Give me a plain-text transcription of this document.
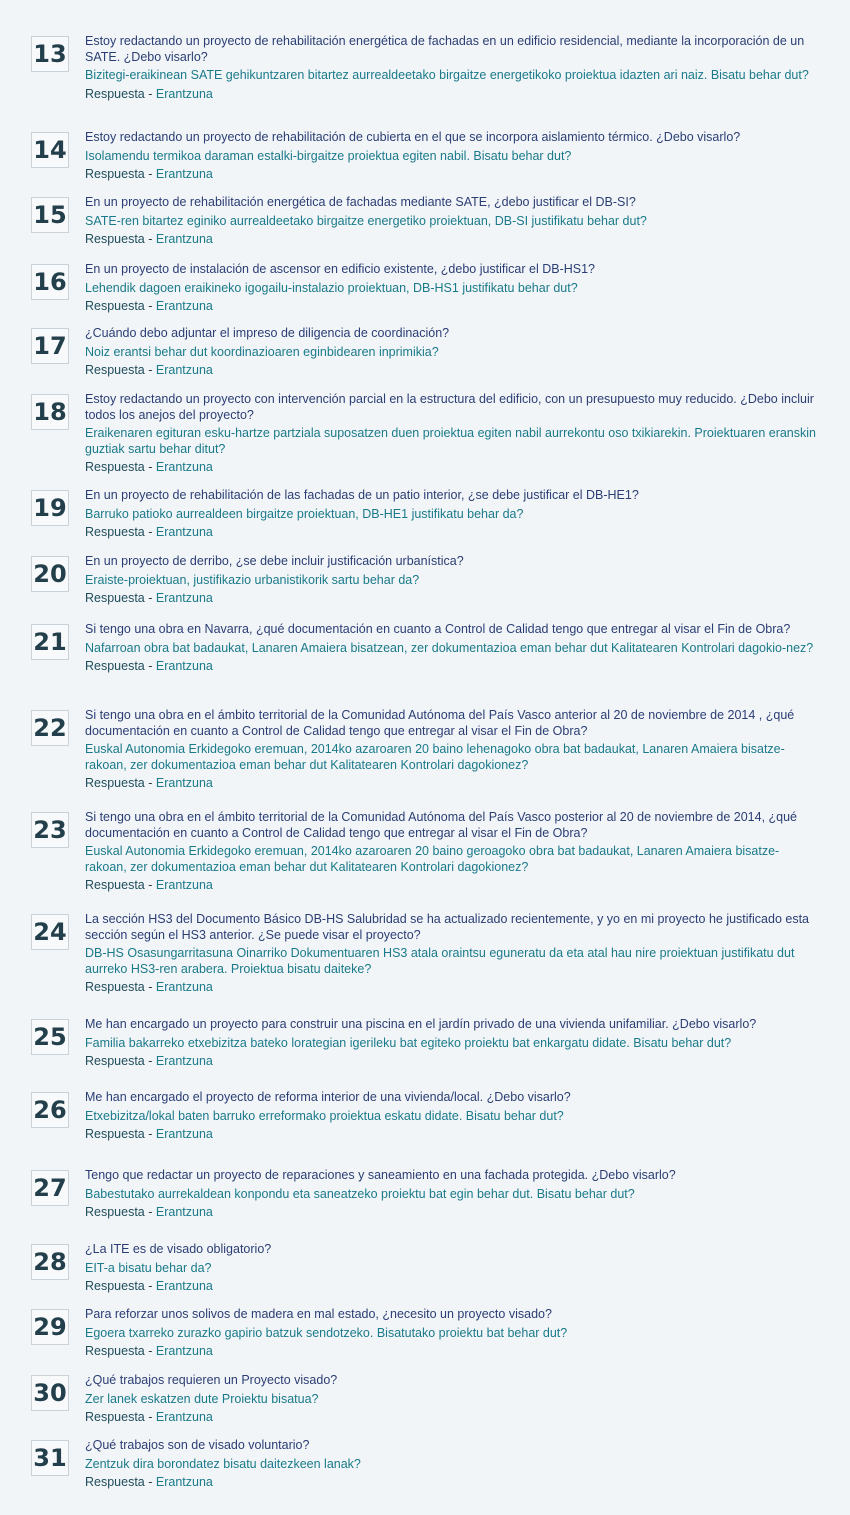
13 Estoy redactando un proyecto de rehabilitación energética de fachadas en un edificio residencial, mediante la incorporación de un SATE. ¿Debo visarlo?

Bizitegi-eraikinean SATE gehikuntzaren bitartez aurrealdeetako birgaitze energetikoko proiektua idazten ari naiz. Bisatu behar dut?

Respuesta - Erantzuna

14 Estoy redactando un proyecto de rehabilitación de cubierta en el que se incorpora aislamiento térmico. ¿Debo visarlo?

Isolamendu termikoa daraman estalki-birgaitze proiektua egiten nabil. Bisatu behar dut?

Respuesta - Erantzuna

15 En un proyecto de rehabilitación energética de fachadas mediante SATE, ¿debo justificar el DB-SI?

SATE-ren bitartez eginiko aurrealdeetako birgaitze energetiko proiektuan, DB-SI justifikatu behar dut?

Respuesta - Erantzuna

16 En un proyecto de instalación de ascensor en edificio existente, ¿debo justificar el DB-HS1?

Lehendik dagoen eraikineko igogailu-instalazio proiektuan, DB-HS1 justifikatu behar dut?

Respuesta - Erantzuna

17 ¿Cuándo debo adjuntar el impreso de diligencia de coordinación?

Noiz erantsi behar dut koordinazioaren eginbidearen inprimikia?

Respuesta - Erantzuna

18 Estoy redactando un proyecto con intervención parcial en la estructura del edificio, con un presupuesto muy reducido. ¿Debo incluir todos los anejos del proyecto?

Eraikenaren egituran esku-hartze partziala suposatzen duen proiektua egiten nabil aurrekontu oso txikiarekin. Proiektuaren eranskin guztiak sartu behar ditut?

Respuesta - Erantzuna

19 En un proyecto de rehabilitación de las fachadas de un patio interior, ¿se debe justificar el DB-HE1?

Barruko patioko aurrealdeen birgaitze proiektuan, DB-HE1 justifikatu behar da?

Respuesta - Erantzuna

20 En un proyecto de derribo, ¿se debe incluir justificación urbanística?

Eraiste-proiektuan, justifikazio urbanistikorik sartu behar da?

Respuesta - Erantzuna

21 Si tengo una obra en Navarra, ¿qué documentación en cuanto a Control de Calidad tengo que entregar al visar el Fin de Obra?

Nafarroan obra bat badaukat, Lanaren Amaiera bisatzean, zer dokumentazioa eman behar dut Kalitatearen Kontrolari dagokio-nez?

Respuesta - Erantzuna

22 Si tengo una obra en el ámbito territorial de la Comunidad Autónoma del País Vasco anterior al 20 de noviembre de 2014 , ¿qué documentación en cuanto a Control de Calidad tengo que entregar al visar el Fin de Obra?

Euskal Autonomia Erkidegoko eremuan, 2014ko azaroaren 20 baino lehenagoko obra bat badaukat, Lanaren Amaiera bisatze-rakoan, zer dokumentazioa eman behar dut Kalitatearen Kontrolari dagokionez?

Respuesta - Erantzuna

23 Si tengo una obra en el ámbito territorial de la Comunidad Autónoma del País Vasco posterior al 20 de noviembre de 2014, ¿qué documentación en cuanto a Control de Calidad tengo que entregar al visar el Fin de Obra?

Euskal Autonomia Erkidegoko eremuan, 2014ko azaroaren 20 baino geroagoko obra bat badaukat, Lanaren Amaiera bisatze-rakoan, zer dokumentazioa eman behar dut Kalitatearen Kontrolari dagokionez?

Respuesta - Erantzuna

24 La sección HS3 del Documento Básico DB-HS Salubridad se ha actualizado recientemente, y yo en mi proyecto he justificado esta sección según el HS3 anterior. ¿Se puede visar el proyecto?

DB-HS Osasungarritasuna Oinarriko Dokumentuaren HS3 atala oraintsu eguneratu da eta atal hau nire proiektuan justifikatu dut aurreko HS3-ren arabera. Proiektua bisatu daiteke?

Respuesta - Erantzuna

25 Me han encargado un proyecto para construir una piscina en el jardín privado de una vivienda unifamiliar. ¿Debo visarlo?

Familia bakarreko etxebizitza bateko lorategian igerileku bat egiteko proiektu bat enkargatu didate. Bisatu behar dut?

Respuesta - Erantzuna

26 Me han encargado el proyecto de reforma interior de una vivienda/local. ¿Debo visarlo?

Etxebizitza/lokal baten barruko erreformako proiektua eskatu didate. Bisatu behar dut?

Respuesta - Erantzuna

27 Tengo que redactar un proyecto de reparaciones y saneamiento en una fachada protegida. ¿Debo visarlo?

Babestutako aurrekaldean konpondu eta saneatzeko proiektu bat egin behar dut. Bisatu behar dut?

Respuesta - Erantzuna

28 ¿La ITE es de visado obligatorio?

EIT-a bisatu behar da?

Respuesta - Erantzuna

29 Para reforzar unos solivos de madera en mal estado, ¿necesito un proyecto visado?

Egoera txarreko zurazko gapirio batzuk sendotzeko. Bisatutako proiektu bat behar dut?

Respuesta - Erantzuna

30 ¿Qué trabajos requieren un Proyecto visado?

Zer lanek eskatzen dute Proiektu bisatua?

Respuesta - Erantzuna

31 ¿Qué trabajos son de visado voluntario?

Zentzuk dira borondatez bisatu daitezkeen lanak?

Respuesta - Erantzuna
